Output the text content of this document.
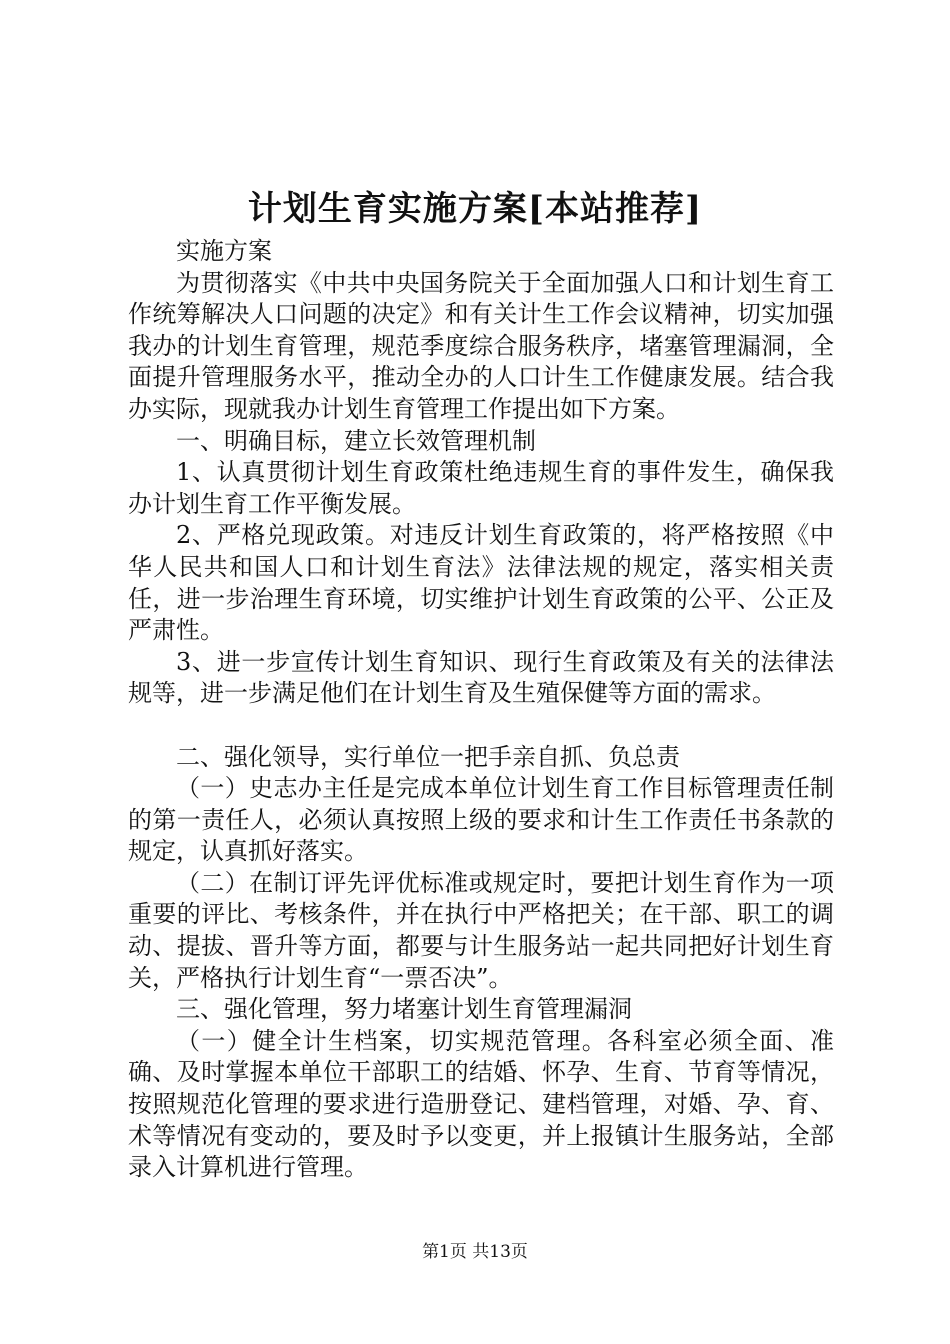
计划生育实施方案[本站推荐]

实施方案

为贯彻落实《中共中央国务院关于全面加强人口和计划生育工作统筹解决人口问题的决定》和有关计生工作会议精神，切实加强我办的计划生育管理，规范季度综合服务秩序，堵塞管理漏洞，全面提升管理服务水平，推动全办的人口计生工作健康发展。结合我办实际，现就我办计划生育管理工作提出如下方案。

一、明确目标，建立长效管理机制

1、认真贯彻计划生育政策杜绝违规生育的事件发生，确保我办计划生育工作平衡发展。

2、严格兑现政策。对违反计划生育政策的，将严格按照《中华人民共和国人口和计划生育法》法律法规的规定，落实相关责任，进一步治理生育环境，切实维护计划生育政策的公平、公正及严肃性。

3、进一步宣传计划生育知识、现行生育政策及有关的法律法规等，进一步满足他们在计划生育及生殖保健等方面的需求。

二、强化领导，实行单位一把手亲自抓、负总责

（一）史志办主任是完成本单位计划生育工作目标管理责任制的第一责任人，必须认真按照上级的要求和计生工作责任书条款的规定，认真抓好落实。

（二）在制订评先评优标准或规定时，要把计划生育作为一项重要的评比、考核条件，并在执行中严格把关；在干部、职工的调动、提拔、晋升等方面，都要与计生服务站一起共同把好计划生育关，严格执行计划生育“一票否决”。

三、强化管理，努力堵塞计划生育管理漏洞

（一）健全计生档案，切实规范管理。各科室必须全面、准确、及时掌握本单位干部职工的结婚、怀孕、生育、节育等情况，按照规范化管理的要求进行造册登记、建档管理，对婚、孕、育、术等情况有变动的，要及时予以变更，并上报镇计生服务站，全部录入计算机进行管理。

第1页 共13页
